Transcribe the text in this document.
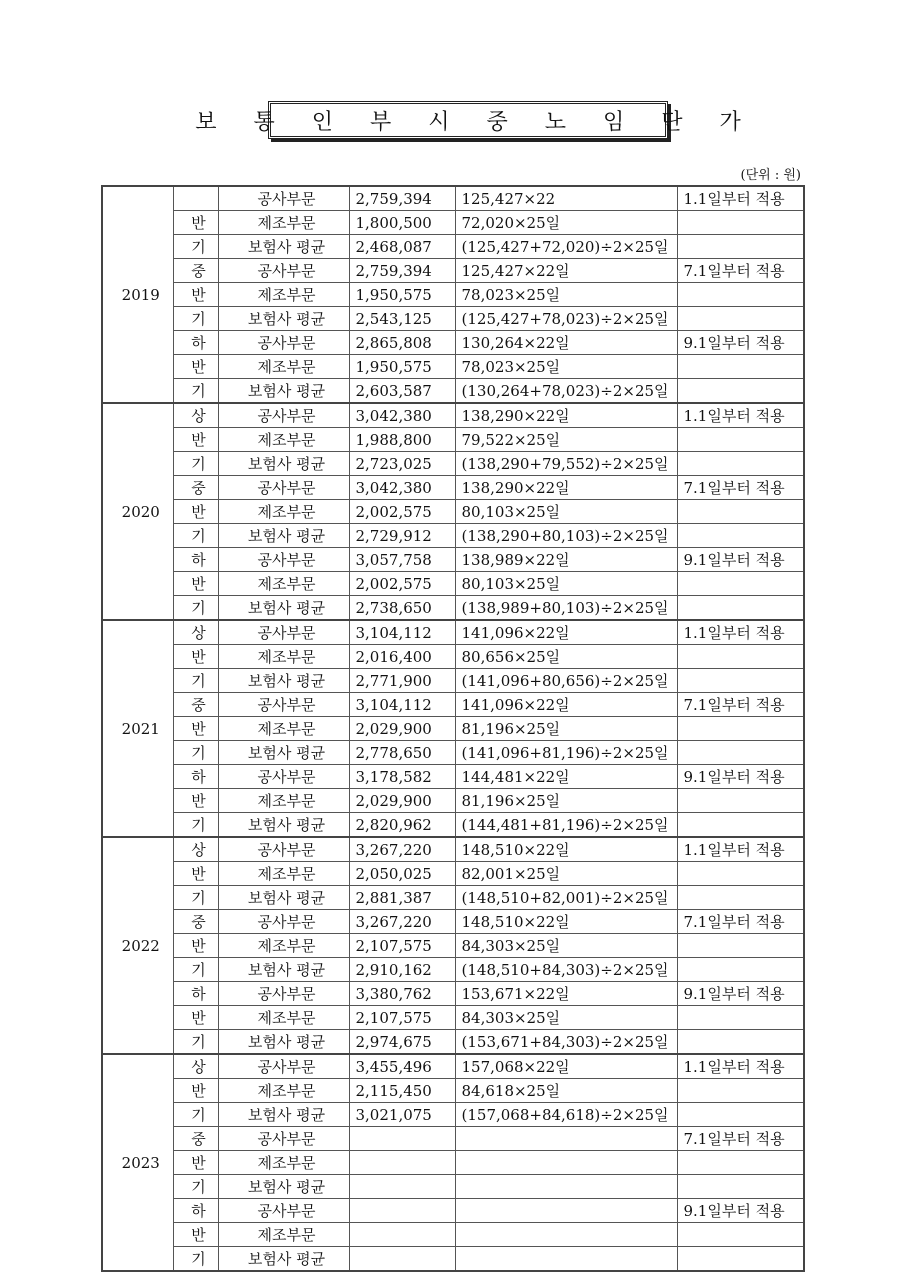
보 통 인 부 시 중 노 임 단 가
(단위 : 원)
2019		공사부문	2,759,394	125,427×22	1.1일부터 적용
	반	제조부문	1,800,500	72,020×25일	
	기	보험사 평균	2,468,087	(125,427+72,020)÷2×25일	
	중	공사부문	2,759,394	125,427×22일	7.1일부터 적용
	반	제조부문	1,950,575	78,023×25일	
	기	보험사 평균	2,543,125	(125,427+78,023)÷2×25일	
	하	공사부문	2,865,808	130,264×22일	9.1일부터 적용
	반	제조부문	1,950,575	78,023×25일	
	기	보험사 평균	2,603,587	(130,264+78,023)÷2×25일	
2020	상	공사부문	3,042,380	138,290×22일	1.1일부터 적용
	반	제조부문	1,988,800	79,522×25일	
	기	보험사 평균	2,723,025	(138,290+79,552)÷2×25일	
	중	공사부문	3,042,380	138,290×22일	7.1일부터 적용
	반	제조부문	2,002,575	80,103×25일	
	기	보험사 평균	2,729,912	(138,290+80,103)÷2×25일	
	하	공사부문	3,057,758	138,989×22일	9.1일부터 적용
	반	제조부문	2,002,575	80,103×25일	
	기	보험사 평균	2,738,650	(138,989+80,103)÷2×25일	
2021	상	공사부문	3,104,112	141,096×22일	1.1일부터 적용
	반	제조부문	2,016,400	80,656×25일	
	기	보험사 평균	2,771,900	(141,096+80,656)÷2×25일	
	중	공사부문	3,104,112	141,096×22일	7.1일부터 적용
	반	제조부문	2,029,900	81,196×25일	
	기	보험사 평균	2,778,650	(141,096+81,196)÷2×25일	
	하	공사부문	3,178,582	144,481×22일	9.1일부터 적용
	반	제조부문	2,029,900	81,196×25일	
	기	보험사 평균	2,820,962	(144,481+81,196)÷2×25일	
2022	상	공사부문	3,267,220	148,510×22일	1.1일부터 적용
	반	제조부문	2,050,025	82,001×25일	
	기	보험사 평균	2,881,387	(148,510+82,001)÷2×25일	
	중	공사부문	3,267,220	148,510×22일	7.1일부터 적용
	반	제조부문	2,107,575	84,303×25일	
	기	보험사 평균	2,910,162	(148,510+84,303)÷2×25일	
	하	공사부문	3,380,762	153,671×22일	9.1일부터 적용
	반	제조부문	2,107,575	84,303×25일	
	기	보험사 평균	2,974,675	(153,671+84,303)÷2×25일	
2023	상	공사부문	3,455,496	157,068×22일	1.1일부터 적용
	반	제조부문	2,115,450	84,618×25일	
	기	보험사 평균	3,021,075	(157,068+84,618)÷2×25일	
	중	공사부문			7.1일부터 적용
	반	제조부문			
	기	보험사 평균			
	하	공사부문			9.1일부터 적용
	반	제조부문			
	기	보험사 평균			
